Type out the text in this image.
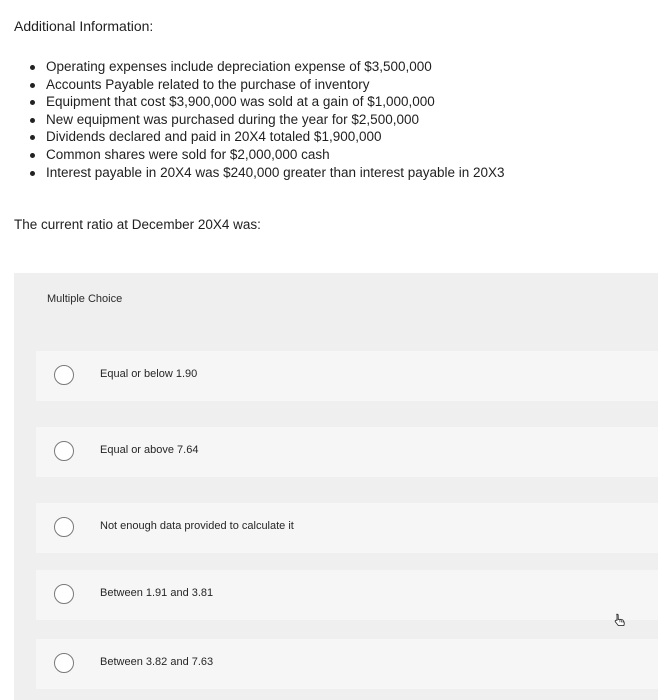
Additional Information:
Operating expenses include depreciation expense of $3,500,000
Accounts Payable related to the purchase of inventory
Equipment that cost $3,900,000 was sold at a gain of $1,000,000
New equipment was purchased during the year for $2,500,000
Dividends declared and paid in 20X4 totaled $1,900,000
Common shares were sold for $2,000,000 cash
Interest payable in 20X4 was $240,000 greater than interest payable in 20X3
The current ratio at December 20X4 was:
Multiple Choice
Equal or below 1.90
Equal or above 7.64
Not enough data provided to calculate it
Between 1.91 and 3.81
Between 3.82 and 7.63
